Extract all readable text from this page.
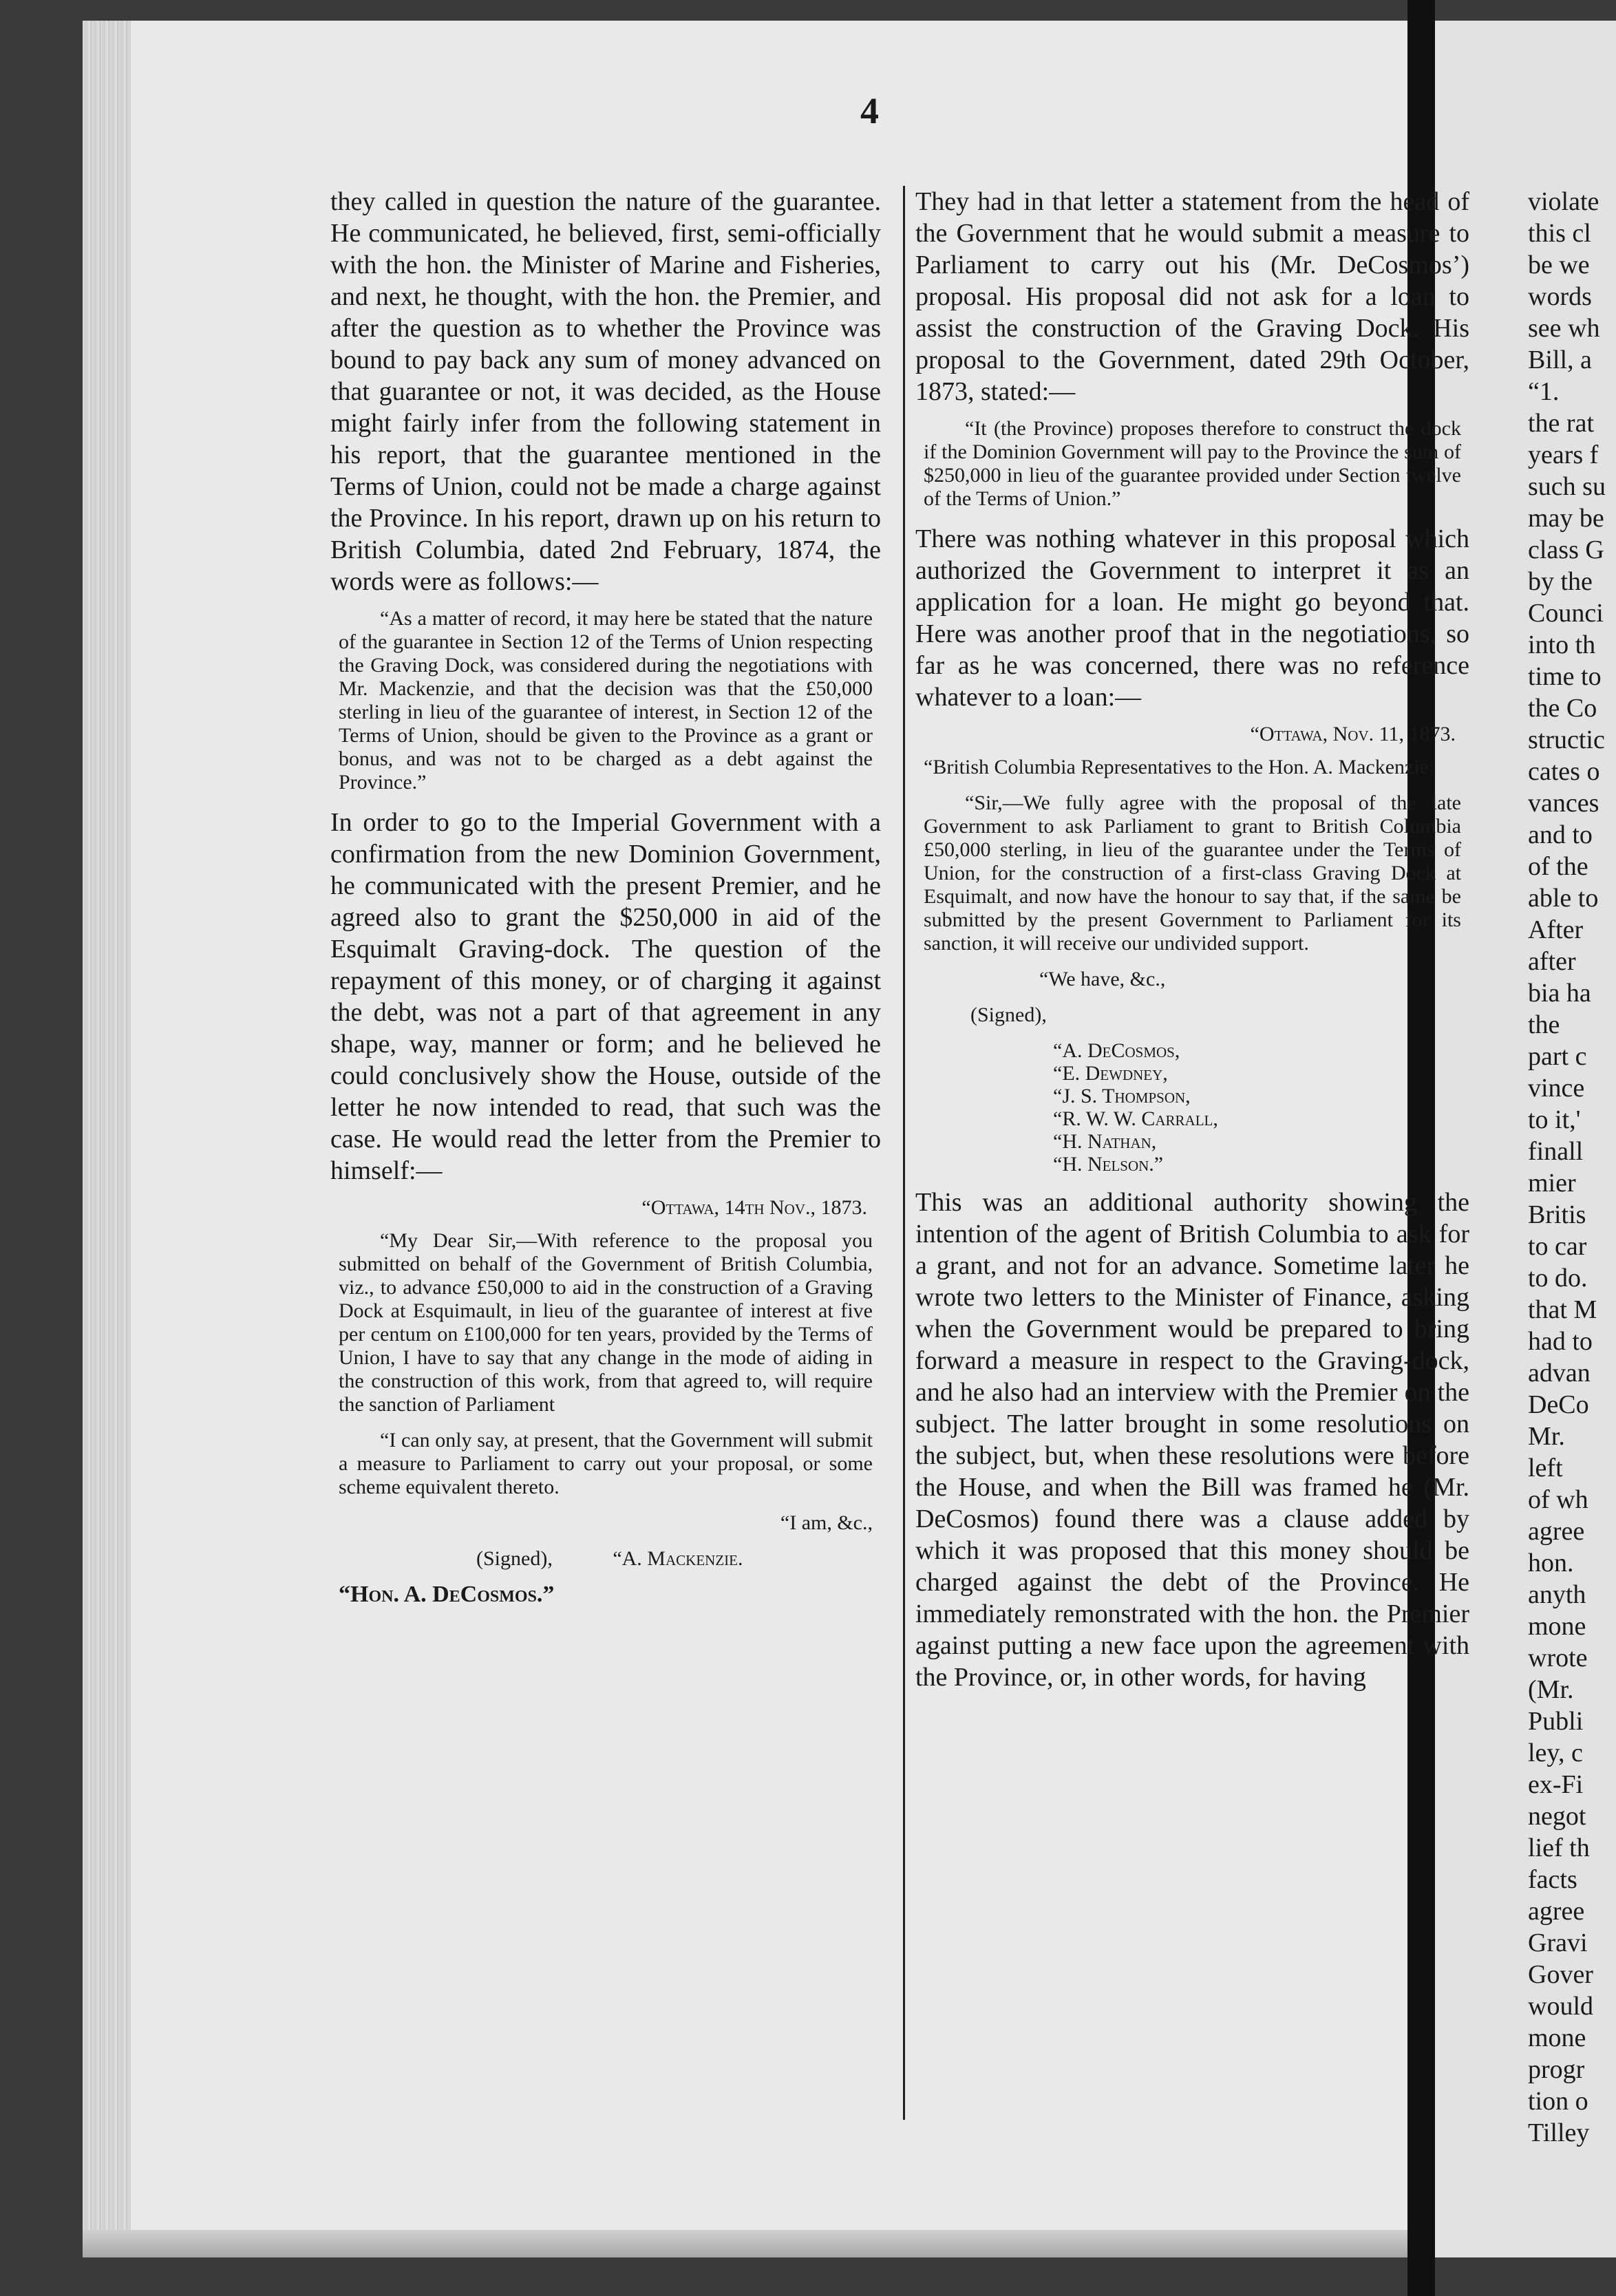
4

they called in question the nature of the guarantee. He communicated, he believed, first, semi-officially with the hon. the Minister of Marine and Fisheries, and next, he thought, with the hon. the Premier, and after the question as to whether the Province was bound to pay back any sum of money advanced on that guarantee or not, it was decided, as the House might fairly infer from the following statement in his report, that the guarantee mentioned in the Terms of Union, could not be made a charge against the Province. In his report, drawn up on his return to British Columbia, dated 2nd February, 1874, the words were as follows:—

“As a matter of record, it may here be stated that the nature of the guarantee in Section 12 of the Terms of Union respecting the Graving Dock, was considered during the negotiations with Mr. Mackenzie, and that the decision was that the £50,000 sterling in lieu of the guarantee of interest, in Section 12 of the Terms of Union, should be given to the Province as a grant or bonus, and was not to be charged as a debt against the Province.”

In order to go to the Imperial Government with a confirmation from the new Dominion Government, he communicated with the present Premier, and he agreed also to grant the $250,000 in aid of the Esquimalt Graving-dock. The question of the repayment of this money, or of charging it against the debt, was not a part of that agreement in any shape, way, manner or form; and he believed he could conclusively show the House, outside of the letter he now intended to read, that such was the case. He would read the letter from the Premier to himself:—

“Ottawa, 14th Nov., 1873.

“My Dear Sir,—With reference to the proposal you submitted on behalf of the Government of British Columbia, viz., to advance £50,000 to aid in the construction of a Graving Dock at Esquimault, in lieu of the guarantee of interest at five per centum on £100,000 for ten years, provided by the Terms of Union, I have to say that any change in the mode of aiding in the construction of this work, from that agreed to, will require the sanction of Parliament

“I can only say, at present, that the Government will submit a measure to Parliament to carry out your proposal, or some scheme equivalent thereto.

“I am, &c.,
(Signed),	“A. Mackenzie.
“Hon. A. DeCosmos.”

They had in that letter a statement from the head of the Government that he would submit a measure to Parliament to carry out his (Mr. DeCosmos’) proposal. His proposal did not ask for a loan to assist the construction of the Graving Dock. His proposal to the Government, dated 29th October, 1873, stated:—

“It (the Province) proposes therefore to construct the dock if the Dominion Government will pay to the Province the sum of $250,000 in lieu of the guarantee provided under Section twelve of the Terms of Union.”

There was nothing whatever in this proposal which authorized the Government to interpret it as an application for a loan. He might go beyond that. Here was another proof that in the negotiations, so far as he was concerned, there was no reference whatever to a loan:—

“Ottawa, Nov. 11, 1873.

“British Columbia Representatives to the Hon. A. Mackenzie:

“Sir,—We fully agree with the proposal of the late Government to ask Parliament to grant to British Columbia £50,000 sterling, in lieu of the guarantee under the Terms of Union, for the construction of a first-class Graving Dock at Esquimalt, and now have the honour to say that, if the same be submitted by the present Government to Parliament for its sanction, it will receive our undivided support.

“We have, &c.,
(Signed),
“A. DeCosmos,
“E. Dewdney,
“J. S. Thompson,
“R. W. W. Carrall,
“H. Nathan,
“H. Nelson.”

This was an additional authority showing the intention of the agent of British Columbia to ask for a grant, and not for an advance. Sometime later he wrote two letters to the Minister of Finance, asking when the Government would be prepared to bring forward a measure in respect to the Graving-dock, and he also had an interview with the Premier on the subject. The latter brought in some resolutions on the subject, but, when these resolutions were before the House, and when the Bill was framed he (Mr. DeCosmos) found there was a clause added by which it was proposed that this money should be charged against the debt of the Province. He immediately remonstrated with the hon. the Premier against putting a new face upon the agreement with the Province, or, in other words, for having

violate
this cl
be we
words
see wh
Bill, a
“1.
the rat
years f
such su
may be
class G
by the
Counci
into th
time to
the Co
structic
cates o
vances
and to
of the
able to
After
after
bia ha
the
part c
vince
to it,'
finall
mier
Britis
to car
to do.
that M
had to
advan
DeCo
Mr.
left
of wh
agree
hon.
anyth
mone
wrote
(Mr.
Publi
ley, c
ex-Fi
negot
lief th
facts
agree
Gravi
Gover
would
mone
progr
tion o
Tilley
